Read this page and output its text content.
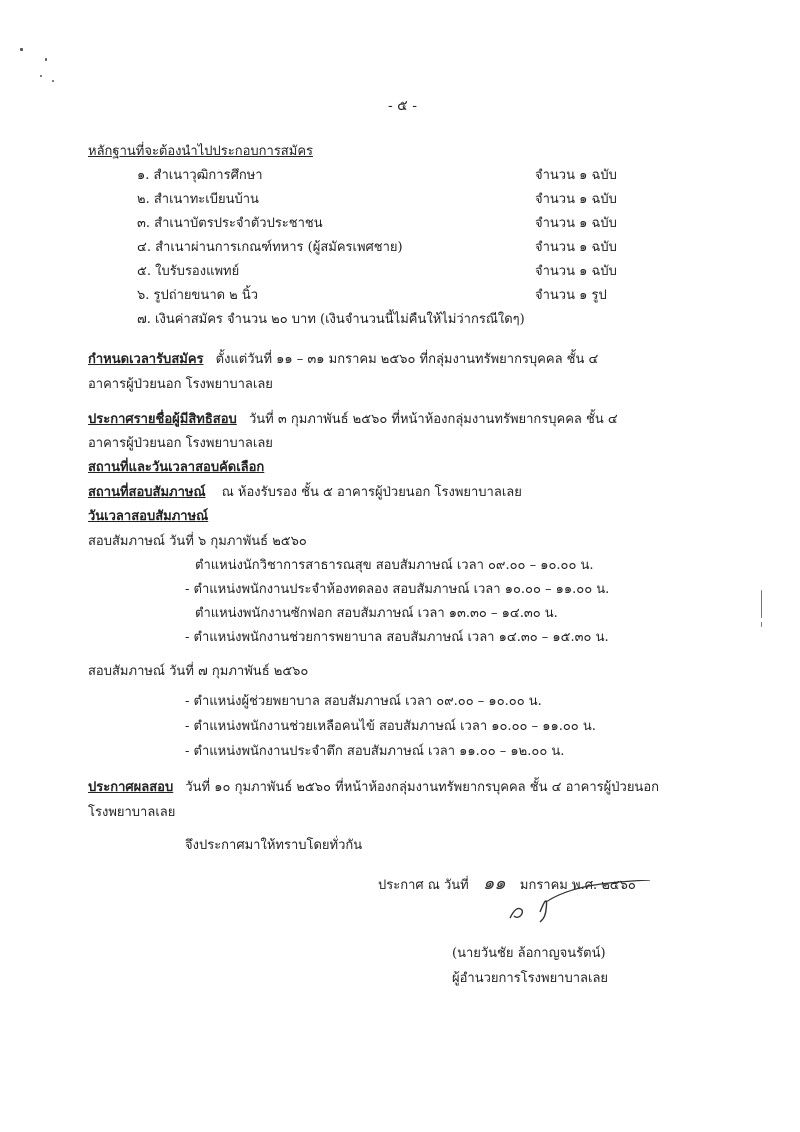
- ๕ -
หลักฐานที่จะต้องนำไปประกอบการสมัคร
๑. สำเนาวุฒิการศึกษา	จำนวน ๑ ฉบับ
๒. สำเนาทะเบียนบ้าน	จำนวน ๑ ฉบับ
๓. สำเนาบัตรประจำตัวประชาชน	จำนวน ๑ ฉบับ
๔. สำเนาผ่านการเกณฑ์ทหาร (ผู้สมัครเพศชาย)	จำนวน ๑ ฉบับ
๕. ใบรับรองแพทย์	จำนวน ๑ ฉบับ
๖. รูปถ่ายขนาด ๒ นิ้ว	จำนวน ๑ รูป
๗. เงินค่าสมัคร จำนวน ๒๐ บาท (เงินจำนวนนี้ไม่คืนให้ไม่ว่ากรณีใดๆ)
กำหนดเวลารับสมัคร ตั้งแต่วันที่ ๑๑ – ๓๑ มกราคม ๒๕๖๐ ที่กลุ่มงานทรัพยากรบุคคล ชั้น ๔
อาคารผู้ป่วยนอก โรงพยาบาลเลย
ประกาศรายชื่อผู้มีสิทธิสอบ วันที่ ๓ กุมภาพันธ์ ๒๕๖๐ ที่หน้าห้องกลุ่มงานทรัพยากรบุคคล ชั้น ๔
อาคารผู้ป่วยนอก โรงพยาบาลเลย
สถานที่และวันเวลาสอบคัดเลือก
สถานที่สอบสัมภาษณ์ ณ ห้องรับรอง ชั้น ๕ อาคารผู้ป่วยนอก โรงพยาบาลเลย
วันเวลาสอบสัมภาษณ์
สอบสัมภาษณ์ วันที่ ๖ กุมภาพันธ์ ๒๕๖๐
ตำแหน่งนักวิชาการสาธารณสุข สอบสัมภาษณ์ เวลา ๐๙.๐๐ – ๑๐.๐๐ น.
- ตำแหน่งพนักงานประจำห้องทดลอง สอบสัมภาษณ์ เวลา ๑๐.๐๐ – ๑๑.๐๐ น.
ตำแหน่งพนักงานซักฟอก สอบสัมภาษณ์ เวลา ๑๓.๓๐ – ๑๔.๓๐ น.
- ตำแหน่งพนักงานช่วยการพยาบาล สอบสัมภาษณ์ เวลา ๑๔.๓๐ – ๑๕.๓๐ น.
สอบสัมภาษณ์ วันที่ ๗ กุมภาพันธ์ ๒๕๖๐
- ตำแหน่งผู้ช่วยพยาบาล สอบสัมภาษณ์ เวลา ๐๙.๐๐ – ๑๐.๐๐ น.
- ตำแหน่งพนักงานช่วยเหลือคนไข้ สอบสัมภาษณ์ เวลา ๑๐.๐๐ – ๑๑.๐๐ น.
- ตำแหน่งพนักงานประจำตึก สอบสัมภาษณ์ เวลา ๑๑.๐๐ – ๑๒.๐๐ น.
ประกาศผลสอบ วันที่ ๑๐ กุมภาพันธ์ ๒๕๖๐ ที่หน้าห้องกลุ่มงานทรัพยากรบุคคล ชั้น ๔ อาคารผู้ป่วยนอก
โรงพยาบาลเลย
จึงประกาศมาให้ทราบโดยทั่วกัน
ประกาศ ณ วันที่ ๑๑ มกราคม พ.ศ. ๒๕๖๐
(นายวันชัย ล้อกาญจนรัตน์)
ผู้อำนวยการโรงพยาบาลเลย
